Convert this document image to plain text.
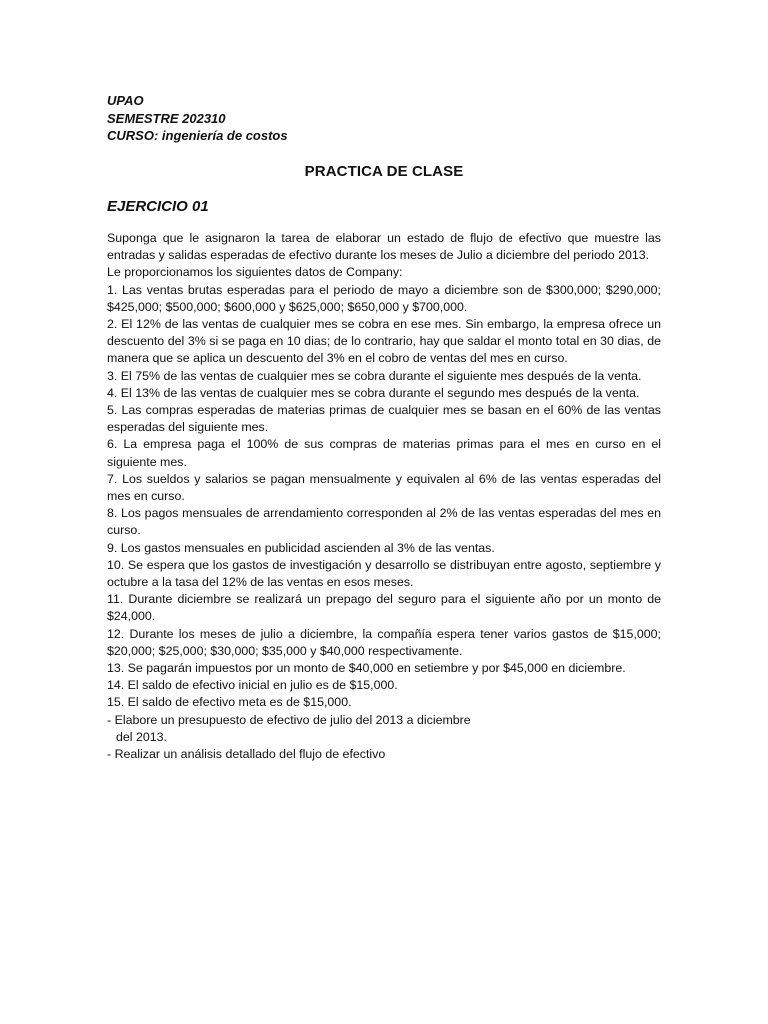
UPAO
SEMESTRE 202310
CURSO: ingeniería de costos
PRACTICA DE CLASE
EJERCICIO 01

Suponga que le asignaron la tarea de elaborar un estado de flujo de efectivo que muestre las entradas y salidas esperadas de efectivo durante los meses de Julio a diciembre del periodo 2013.

Le proporcionamos los siguientes datos de Company:

1. Las ventas brutas esperadas para el periodo de mayo a diciembre son de $300,000; $290,000; $425,000; $500,000; $600,000 y $625,000; $650,000 y $700,000.

2. El 12% de las ventas de cualquier mes se cobra en ese mes. Sin embargo, la empresa ofrece un descuento del 3% si se paga en 10 dias; de lo contrario, hay que saldar el monto total en 30 dias, de manera que se aplica un descuento del 3% en el cobro de ventas del mes en curso.

3. El 75% de las ventas de cualquier mes se cobra durante el siguiente mes después de la venta.

4. El 13% de las ventas de cualquier mes se cobra durante el segundo mes después de la venta.

5. Las compras esperadas de materias primas de cualquier mes se basan en el 60% de las ventas esperadas del siguiente mes.

6. La empresa paga el 100% de sus compras de materias primas para el mes en curso en el siguiente mes.

7. Los sueldos y salarios se pagan mensualmente y equivalen al 6% de las ventas esperadas del mes en curso.

8. Los pagos mensuales de arrendamiento corresponden al 2% de las ventas esperadas del mes en curso.

9. Los gastos mensuales en publicidad ascienden al 3% de las ventas.

10. Se espera que los gastos de investigación y desarrollo se distribuyan entre agosto, septiembre y octubre a la tasa del 12% de las ventas en esos meses.

11. Durante diciembre se realizará un prepago del seguro para el siguiente año por un monto de $24,000.

12. Durante los meses de julio a diciembre, la compañía espera tener varios gastos de $15,000; $20,000; $25,000; $30,000; $35,000 y $40,000 respectivamente.

13. Se pagarán impuestos por un monto de $40,000 en setiembre y por $45,000 en diciembre.

14. El saldo de efectivo inicial en julio es de $15,000.

15. El saldo de efectivo meta es de $15,000.

- Elabore un presupuesto de efectivo de julio del 2013 a diciembre

del 2013.

- Realizar un análisis detallado del flujo de efectivo
